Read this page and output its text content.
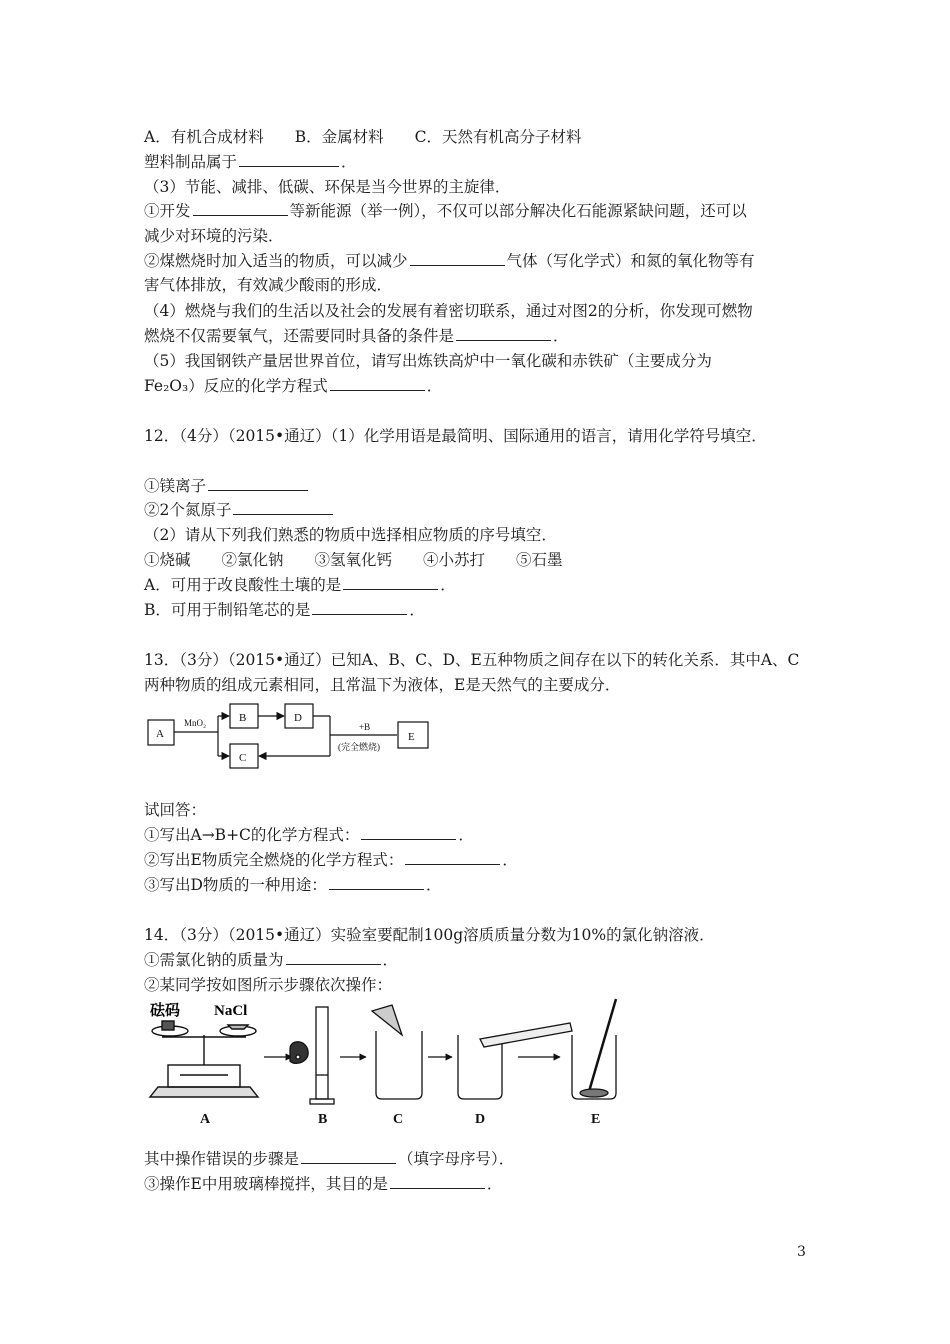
A．有机合成材料　　B．金属材料　　C．天然有机高分子材料
塑料制品属于	．
（3）节能、减排、低碳、环保是当今世界的主旋律．
①开发	等新能源（举一例），不仅可以部分解决化石能源紧缺问题，还可以
减少对环境的污染．
②煤燃烧时加入适当的物质，可以减少	气体（写化学式）和氮的氧化物等有
害气体排放，有效减少酸雨的形成．
（4）燃烧与我们的生活以及社会的发展有着密切联系，通过对图2的分析，你发现可燃物
燃烧不仅需要氧气，还需要同时具备的条件是	．
（5）我国钢铁产量居世界首位，请写出炼铁高炉中一氧化碳和赤铁矿（主要成分为
Fe₂O₃）反应的化学方程式	．
12．（4分）（2015•通辽）（1）化学用语是最简明、国际通用的语言，请用化学符号填空．
①镁离子
②2个氮原子
（2）请从下列我们熟悉的物质中选择相应物质的序号填空．
①烧碱　　②氯化钠　　③氢氧化钙　　④小苏打　　⑤石墨
A．可用于改良酸性土壤的是	．
B．可用于制铅笔芯的是	．
13．（3分）（2015•通辽）已知A、B、C、D、E五种物质之间存在以下的转化关系．其中A、C
两种物质的组成元素相同，且常温下为液体，E是天然气的主要成分．
A
B	D
C
E
MnO₂	+B
(完全燃烧)
试回答：
①写出A→B+C的化学方程式：	．
②写出E物质完全燃烧的化学方程式：	．
③写出D物质的一种用途：	．
14．（3分）（2015•通辽）实验室要配制100g溶质质量分数为10%的氯化钠溶液．
①需氯化钠的质量为	．
②某同学按如图所示步骤依次操作：
砝码 NaCl
A	B	C	D	E
其中操作错误的步骤是	（填字母序号）．
③操作E中用玻璃棒搅拌，其目的是	．
3
